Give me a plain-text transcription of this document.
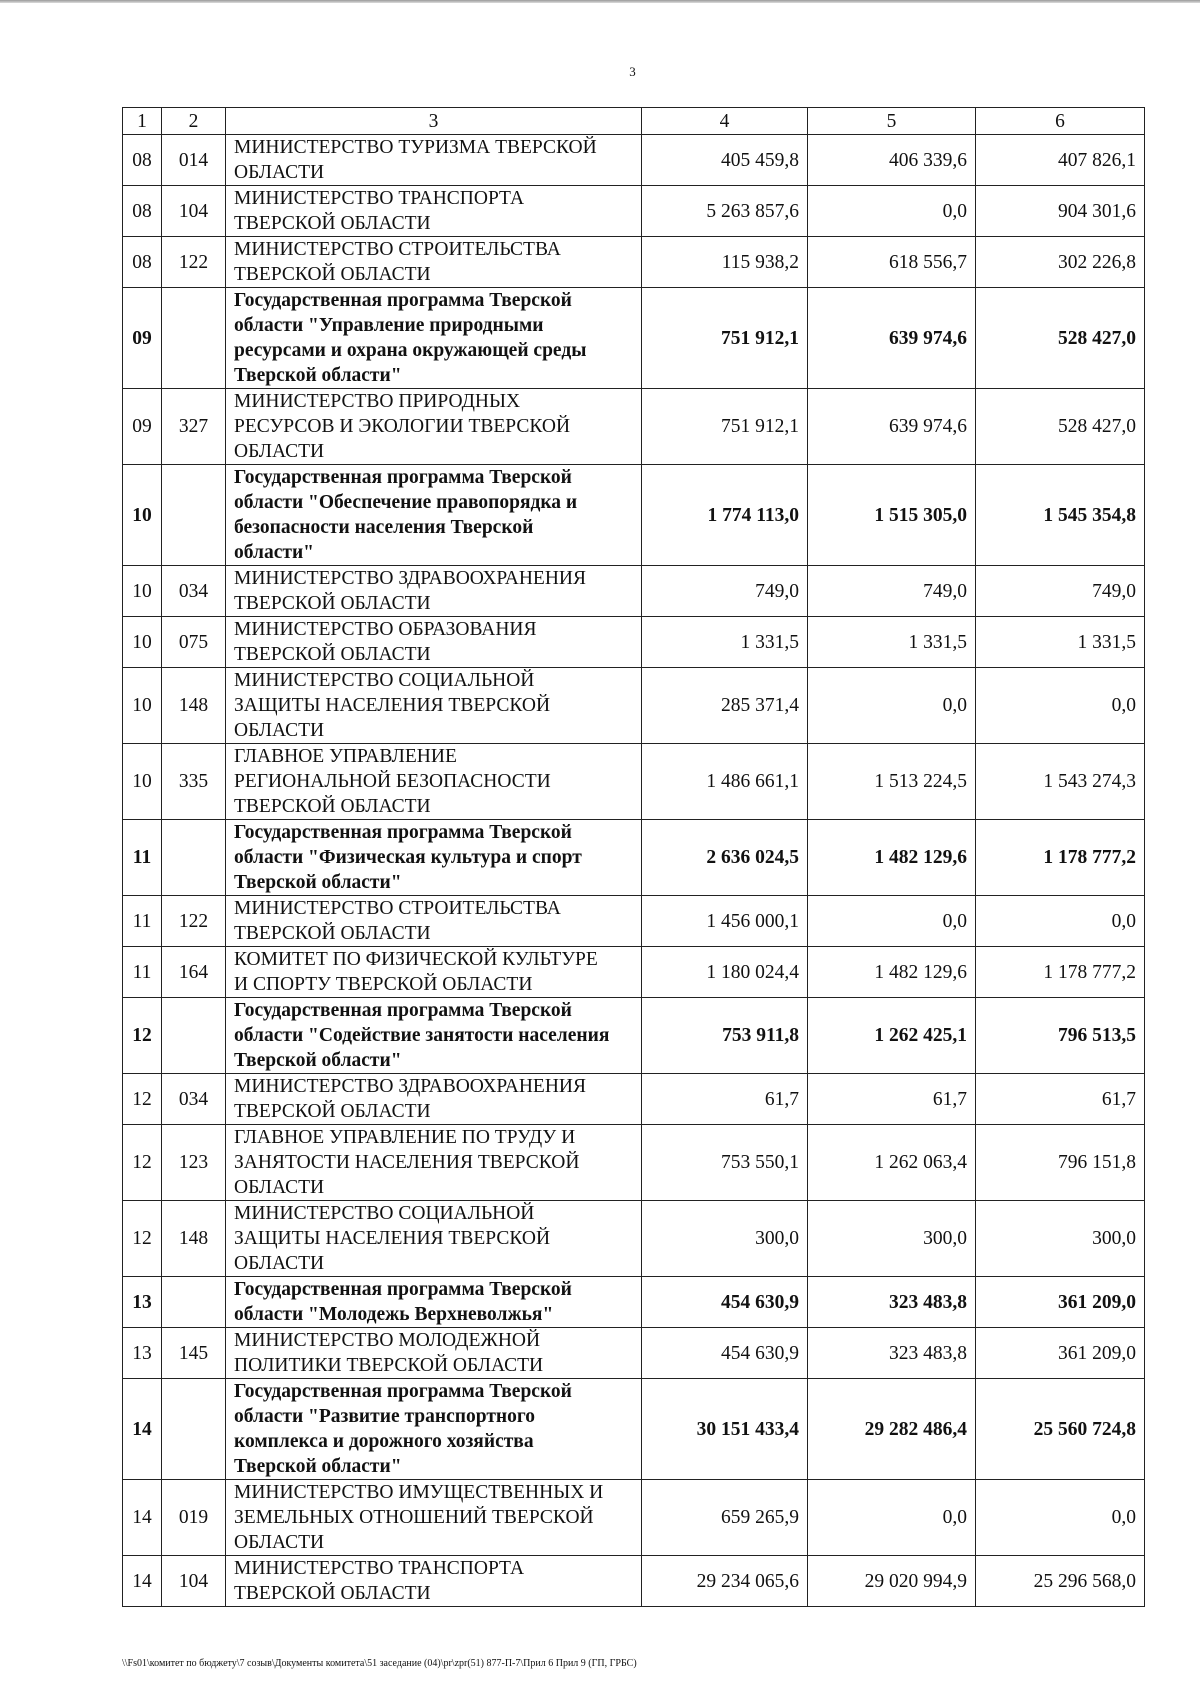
3
1	2	3	4	5	6
08	014	МИНИСТЕРСТВО ТУРИЗМА ТВЕРСКОЙ
ОБЛАСТИ	405 459,8	406 339,6	407 826,1
08	104	МИНИСТЕРСТВО ТРАНСПОРТА
ТВЕРСКОЙ ОБЛАСТИ	5 263 857,6	0,0	904 301,6
08	122	МИНИСТЕРСТВО СТРОИТЕЛЬСТВА
ТВЕРСКОЙ ОБЛАСТИ	115 938,2	618 556,7	302 226,8
09		Государственная программа Тверской
области "Управление природными
ресурсами и охрана окружающей среды
Тверской области"	751 912,1	639 974,6	528 427,0
09	327	МИНИСТЕРСТВО ПРИРОДНЫХ
РЕСУРСОВ И ЭКОЛОГИИ ТВЕРСКОЙ
ОБЛАСТИ	751 912,1	639 974,6	528 427,0
10		Государственная программа Тверской
области "Обеспечение правопорядка и
безопасности населения Тверской
области"	1 774 113,0	1 515 305,0	1 545 354,8
10	034	МИНИСТЕРСТВО ЗДРАВООХРАНЕНИЯ
ТВЕРСКОЙ ОБЛАСТИ	749,0	749,0	749,0
10	075	МИНИСТЕРСТВО ОБРАЗОВАНИЯ
ТВЕРСКОЙ ОБЛАСТИ	1 331,5	1 331,5	1 331,5
10	148	МИНИСТЕРСТВО СОЦИАЛЬНОЙ
ЗАЩИТЫ НАСЕЛЕНИЯ ТВЕРСКОЙ
ОБЛАСТИ	285 371,4	0,0	0,0
10	335	ГЛАВНОЕ УПРАВЛЕНИЕ
РЕГИОНАЛЬНОЙ БЕЗОПАСНОСТИ
ТВЕРСКОЙ ОБЛАСТИ	1 486 661,1	1 513 224,5	1 543 274,3
11		Государственная программа Тверской
области "Физическая культура и спорт
Тверской области"	2 636 024,5	1 482 129,6	1 178 777,2
11	122	МИНИСТЕРСТВО СТРОИТЕЛЬСТВА
ТВЕРСКОЙ ОБЛАСТИ	1 456 000,1	0,0	0,0
11	164	КОМИТЕТ ПО ФИЗИЧЕСКОЙ КУЛЬТУРЕ
И СПОРТУ ТВЕРСКОЙ ОБЛАСТИ	1 180 024,4	1 482 129,6	1 178 777,2
12		Государственная программа Тверской
области "Содействие занятости населения
Тверской области"	753 911,8	1 262 425,1	796 513,5
12	034	МИНИСТЕРСТВО ЗДРАВООХРАНЕНИЯ
ТВЕРСКОЙ ОБЛАСТИ	61,7	61,7	61,7
12	123	ГЛАВНОЕ УПРАВЛЕНИЕ ПО ТРУДУ И
ЗАНЯТОСТИ НАСЕЛЕНИЯ ТВЕРСКОЙ
ОБЛАСТИ	753 550,1	1 262 063,4	796 151,8
12	148	МИНИСТЕРСТВО СОЦИАЛЬНОЙ
ЗАЩИТЫ НАСЕЛЕНИЯ ТВЕРСКОЙ
ОБЛАСТИ	300,0	300,0	300,0
13		Государственная программа Тверской
области "Молодежь Верхневолжья"	454 630,9	323 483,8	361 209,0
13	145	МИНИСТЕРСТВО МОЛОДЕЖНОЙ
ПОЛИТИКИ ТВЕРСКОЙ ОБЛАСТИ	454 630,9	323 483,8	361 209,0
14		Государственная программа Тверской
области "Развитие транспортного
комплекса и дорожного хозяйства
Тверской области"	30 151 433,4	29 282 486,4	25 560 724,8
14	019	МИНИСТЕРСТВО ИМУЩЕСТВЕННЫХ И
ЗЕМЕЛЬНЫХ ОТНОШЕНИЙ ТВЕРСКОЙ
ОБЛАСТИ	659 265,9	0,0	0,0
14	104	МИНИСТЕРСТВО ТРАНСПОРТА
ТВЕРСКОЙ ОБЛАСТИ	29 234 065,6	29 020 994,9	25 296 568,0
\\Fs01\комитет по бюджету\7 созыв\Документы комитета\51 заседание (04)\pr\zpr(51) 877-П-7\Прил 6 Прил 9 (ГП, ГРБС)
